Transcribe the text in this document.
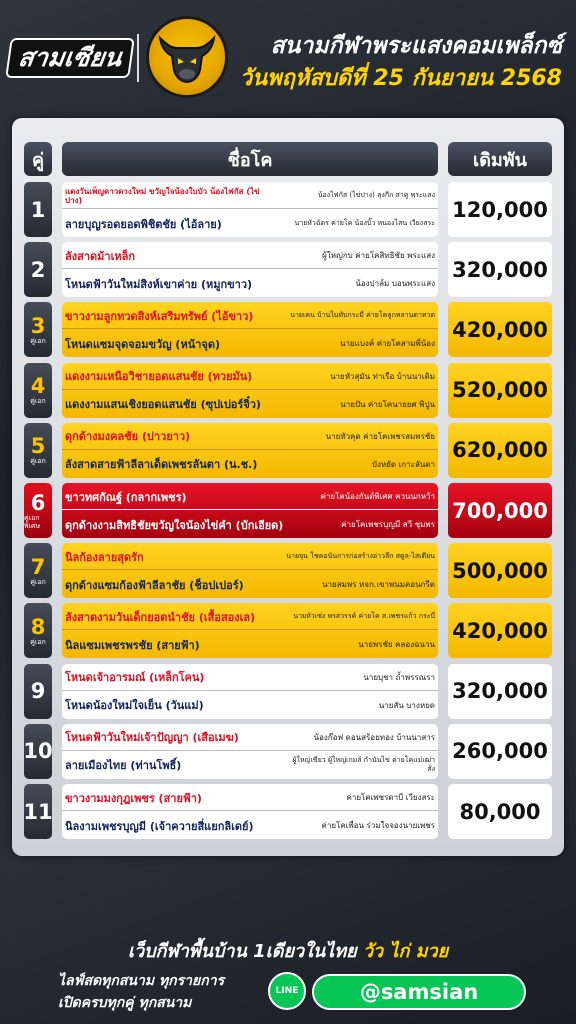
สามเซียน	สนามกีฬาพระแสงคอมเพล็กซ์
วันพฤหัสบดีที่ 25 กันยายน 2568
คู่	ชื่อโค	เดิมพัน
1
แดงวันเพ็ญดาวดวงใหม่ ขวัญใจน้องใบบัว น้องไฟกัส (ไข่ปาง)
น้องไฟกัส (ไข่ปาง) ลุงกีก สาคู พระแสง
ลายบุญรอดยอดพิชิตชัย (ไอ้ลาย)	นายหัวฉัตร ค่ายโค น้องบิ๊ว หนองไสน เวียงสระ
120,000
2
ลังสาดม้าเหล็ก	ผู้ใหญ่กบ ค่ายโคสิทธิชัย พระแสง
โหนดฟ้าวันใหม่สิงห์เขาค่าย (หมูกขาว)	น้องปาล์ม บอนพระแสง
320,000
3
คู่เอก
ขาวงามลูกทวดสิงห์เสริมทรัพย์ (ไอ้ขาว)	นายเคน บ้านในทับกระมี่ ค่ายโคลูกหลานตาทวด
โหนดแซมจุดจอมขวัญ (หน้าจุด)	นายแบงค์ ค่ายโคสามพี่น้อง
420,000
4
คู่เอก
แดงงามเหนือวิชายอดแสนชัย (ทวยมัน)	นายหัวสุมัน ท่าเรือ บ้านนาเดิม
แดงงามแสนเชิงยอดแสนชัย (ซุปเปอร์จิ๋ว)	นายปัน ค่ายโคนายยศ พิปูน
520,000
5
คู่เอก
ดุกด้างมงคลชัย (บ่าวยาว)	นายหัวคุด ค่ายโคเพชรสมพรชัย
ลังสาดสายฟ้าลีลาเด็ดเพชรลันตา (น.ช.)	บังหยัด เกาะลันตา
620,000
6
คู่เอก พิเศษ
ขาวทศกัณฐ์ (กลากเพชร)	ค่ายโคน้องกันต์พิเศศ ควนนกหว้า
ดุกด้างงามสิทธิชัยขวัญใจน้องไข่คำ (บักเอียด)	ค่ายโคเพชรบุญมี สวี ชุมพร
700,000
7
คู่เอก
นิลก้องลายสุดรัก	นายจุน โชคอนันการก่อสร้างอ่าวลึก สตูล-ไสเตียน
ดุกด้างแซมก้องฟ้าลีลาชัย (ช็อปเปอร์)	นายสมพร หจก.เขาพนมคอนกรีต
500,000
8
คู่เอก
ลังสาดงามวันเด็กยอดนำชัย (เสื้อสองเล)	นายหัวเซ่ง พรสวรรค์ ค่ายโค ส.เพชรแก้ว กระบี่
นิลแซมเพชรพรชัย (สายฟ้า)	นายพรชัย คลองฉนวน
420,000
9
โหนดเจ้าอารมณ์ (เหล็กโคน)	นายบุชา ถ้ำพรรณรา
โหนดน้องใหม่ใจเย็น (วันแม่)	นายสัน บางหยด
320,000
10
โหนดฟ้าวันใหม่เจ้าปัญญา (เสือเมฆ)	น้องก๊อฟ ดอนสร้อยทอง บ้านนาสาร
ลายเมืองไทย (ท่านโพธิ์)	ผู้ใหญ่เขียว ผู้ใหญ่เกมส์ กำนันไข่ ค่ายโคแม่เฒ่าสั่ง
260,000
11
ขาวงามมงกุฎเพชร (สายฟ้า)	ค่ายโคเพชรดาบี เวียงสระ
นิลงามเพชรบุญมี (เจ้าควายสี่แยกลิเดย์)	ค่ายโคเพื่อน ร่วมใจจองนายเพชร
80,000
เว็บกีฬาพื้นบ้าน 1เดียวในไทย วัว ไก่ มวย
ไลฟ์สดทุกสนาม ทุกรายการ
เปิดครบทุกคู่ ทุกสนาม
LINE	@samsian
